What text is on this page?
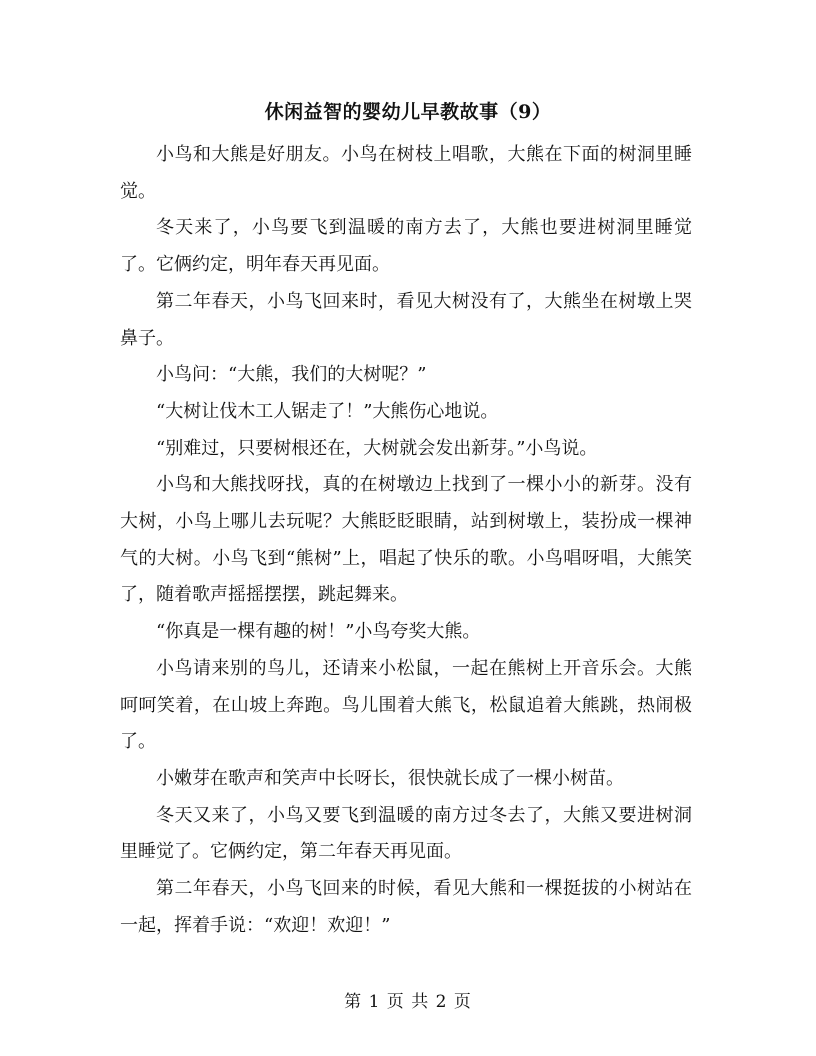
休闲益智的婴幼儿早教故事（9）

小鸟和大熊是好朋友。小鸟在树枝上唱歌，大熊在下面的树洞里睡觉。

冬天来了，小鸟要飞到温暖的南方去了，大熊也要进树洞里睡觉了。它俩约定，明年春天再见面。

第二年春天，小鸟飞回来时，看见大树没有了，大熊坐在树墩上哭鼻子。

小鸟问：“大熊，我们的大树呢？”

“大树让伐木工人锯走了！”大熊伤心地说。

“别难过，只要树根还在，大树就会发出新芽。”小鸟说。

小鸟和大熊找呀找，真的在树墩边上找到了一棵小小的新芽。没有大树，小鸟上哪儿去玩呢？大熊眨眨眼睛，站到树墩上，装扮成一棵神气的大树。小鸟飞到“熊树”上，唱起了快乐的歌。小鸟唱呀唱，大熊笑了，随着歌声摇摇摆摆，跳起舞来。

“你真是一棵有趣的树！”小鸟夸奖大熊。

小鸟请来别的鸟儿，还请来小松鼠，一起在熊树上开音乐会。大熊呵呵笑着，在山坡上奔跑。鸟儿围着大熊飞，松鼠追着大熊跳，热闹极了。

小嫩芽在歌声和笑声中长呀长，很快就长成了一棵小树苗。

冬天又来了，小鸟又要飞到温暖的南方过冬去了，大熊又要进树洞里睡觉了。它俩约定，第二年春天再见面。

第二年春天，小鸟飞回来的时候，看见大熊和一棵挺拔的小树站在一起，挥着手说：“欢迎！欢迎！”

第 1 页 共 2 页
